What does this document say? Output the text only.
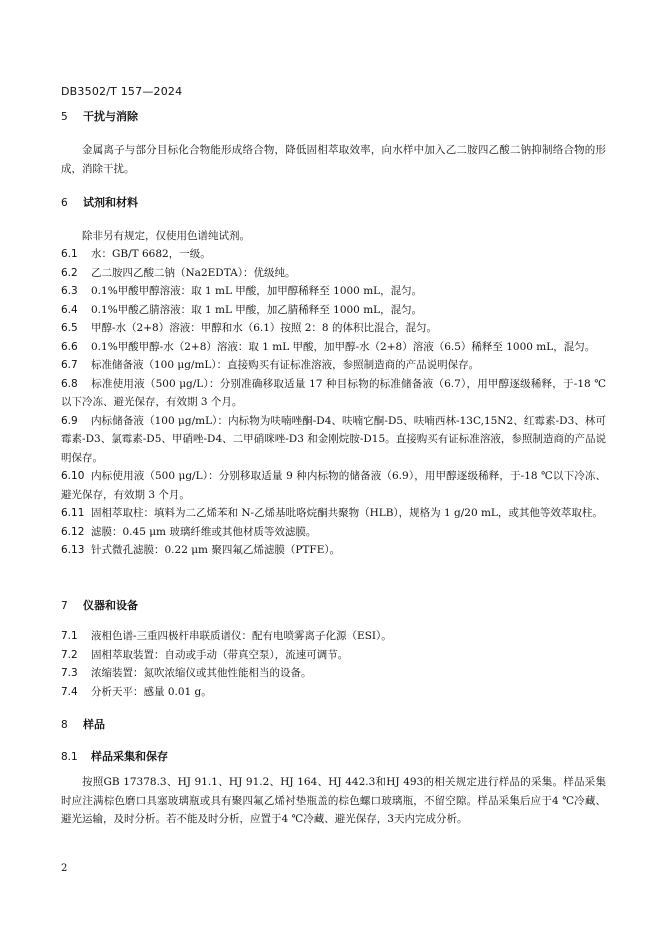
DB3502/T 157—2024
5 干扰与消除
金属离子与部分目标化合物能形成络合物，降低固相萃取效率，向水样中加入乙二胺四乙酸二钠抑制络合物的形成，消除干扰。
6 试剂和材料
除非另有规定，仅使用色谱纯试剂。
6.1 水：GB/T 6682，一级。
6.2 乙二胺四乙酸二钠（Na2EDTA）：优级纯。
6.3 0.1%甲酸甲醇溶液：取 1 mL 甲酸，加甲醇稀释至 1000 mL，混匀。
6.4 0.1%甲酸乙腈溶液：取 1 mL 甲酸，加乙腈稀释至 1000 mL，混匀。
6.5 甲醇-水（2+8）溶液：甲醇和水（6.1）按照 2：8 的体积比混合，混匀。
6.6 0.1%甲酸甲醇-水（2+8）溶液：取 1 mL 甲酸，加甲醇-水（2+8）溶液（6.5）稀释至 1000 mL，混匀。
6.7 标准储备液（100 μg/mL）：直接购买有证标准溶液，参照制造商的产品说明保存。
6.8 标准使用液（500 μg/L）：分别准确移取适量 17 种目标物的标准储备液（6.7），用甲醇逐级稀释，于-18 ℃以下冷冻、避光保存，有效期 3 个月。
6.9 内标储备液（100 μg/mL）：内标物为呋喃唑酮-D4、呋喃它酮-D5、呋喃西林-13C,15N2、红霉素-D3、林可霉素-D3、氯霉素-D5、甲硝唑-D4、二甲硝咪唑-D3 和金刚烷胺-D15。直接购买有证标准溶液，参照制造商的产品说明保存。
6.10 内标使用液（500 μg/L）：分别移取适量 9 种内标物的储备液（6.9），用甲醇逐级稀释，于-18 ℃以下冷冻、避光保存，有效期 3 个月。
6.11 固相萃取柱：填料为二乙烯苯和 N-乙烯基吡咯烷酮共聚物（HLB），规格为 1 g/20 mL，或其他等效萃取柱。
6.12 滤膜：0.45 μm 玻璃纤维或其他材质等效滤膜。
6.13 针式微孔滤膜：0.22 μm 聚四氟乙烯滤膜（PTFE）。
7 仪器和设备
7.1 液相色谱-三重四极杆串联质谱仪：配有电喷雾离子化源（ESI）。
7.2 固相萃取装置：自动或手动（带真空泵），流速可调节。
7.3 浓缩装置：氮吹浓缩仪或其他性能相当的设备。
7.4 分析天平：感量 0.01 g。
8 样品
8.1 样品采集和保存
按照GB 17378.3、HJ 91.1、HJ 91.2、HJ 164、HJ 442.3和HJ 493的相关规定进行样品的采集。样品采集时应注满棕色磨口具塞玻璃瓶或具有聚四氟乙烯衬垫瓶盖的棕色螺口玻璃瓶，不留空隙。样品采集后应于4 ℃冷藏、避光运输，及时分析。若不能及时分析，应置于4 ℃冷藏、避光保存，3天内完成分析。
2
